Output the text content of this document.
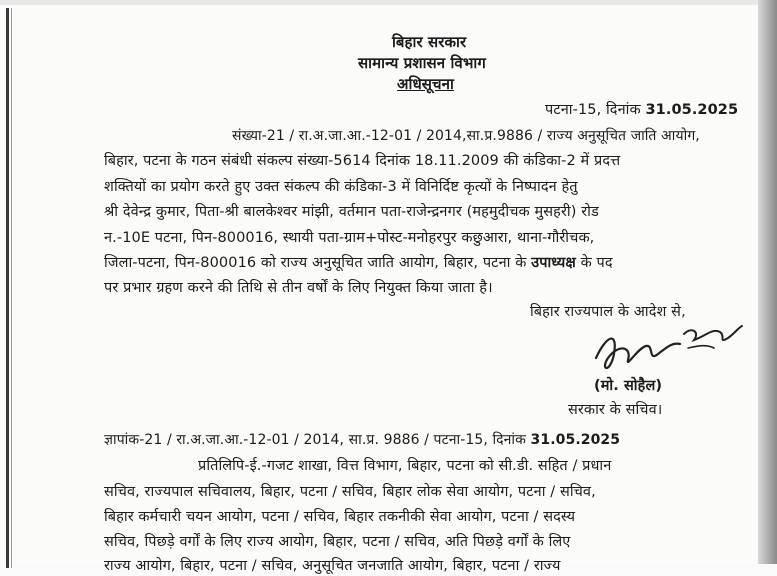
बिहार सरकार
सामान्य प्रशासन विभाग
अधिसूचना
पटना-15, दिनांक 31.05.2025
संख्या-21 / रा.अ.जा.आ.-12-01 / 2014,सा.प्र.9886 / राज्य अनुसूचित जाति आयोग,
बिहार, पटना के गठन संबंधी संकल्प संख्या-5614 दिनांक 18.11.2009 की कंडिका-2 में प्रदत्त
शक्तियों का प्रयोग करते हुए उक्त संकल्प की कंडिका-3 में विनिर्दिष्ट कृत्यों के निष्पादन हेतु
श्री देवेन्द्र कुमार, पिता-श्री बालकेश्वर मांझी, वर्तमान पता-राजेन्द्रनगर (महमुदीचक मुसहरी) रोड
न.-10E पटना, पिन-800016, स्थायी पता-ग्राम+पोस्ट-मनोहरपुर कछुआरा, थाना-गौरीचक,
जिला-पटना, पिन-800016 को राज्य अनुसूचित जाति आयोग, बिहार, पटना के उपाध्यक्ष के पद
पर प्रभार ग्रहण करने की तिथि से तीन वर्षों के लिए नियुक्त किया जाता है।
बिहार राज्यपाल के आदेश से,
(मो. सोहैल)
सरकार के सचिव।
ज्ञापांक-21 / रा.अ.जा.आ.-12-01 / 2014, सा.प्र. 9886 / पटना-15, दिनांक 31.05.2025
प्रतिलिपि-ई.-गजट शाखा, वित्त विभाग, बिहार, पटना को सी.डी. सहित / प्रधान
सचिव, राज्यपाल सचिवालय, बिहार, पटना / सचिव, बिहार लोक सेवा आयोग, पटना / सचिव,
बिहार कर्मचारी चयन आयोग, पटना / सचिव, बिहार तकनीकी सेवा आयोग, पटना / सदस्य
सचिव, पिछड़े वर्गों के लिए राज्य आयोग, बिहार, पटना / सचिव, अति पिछड़े वर्गों के लिए
राज्य आयोग, बिहार, पटना / सचिव, अनुसूचित जनजाति आयोग, बिहार, पटना / राज्य
